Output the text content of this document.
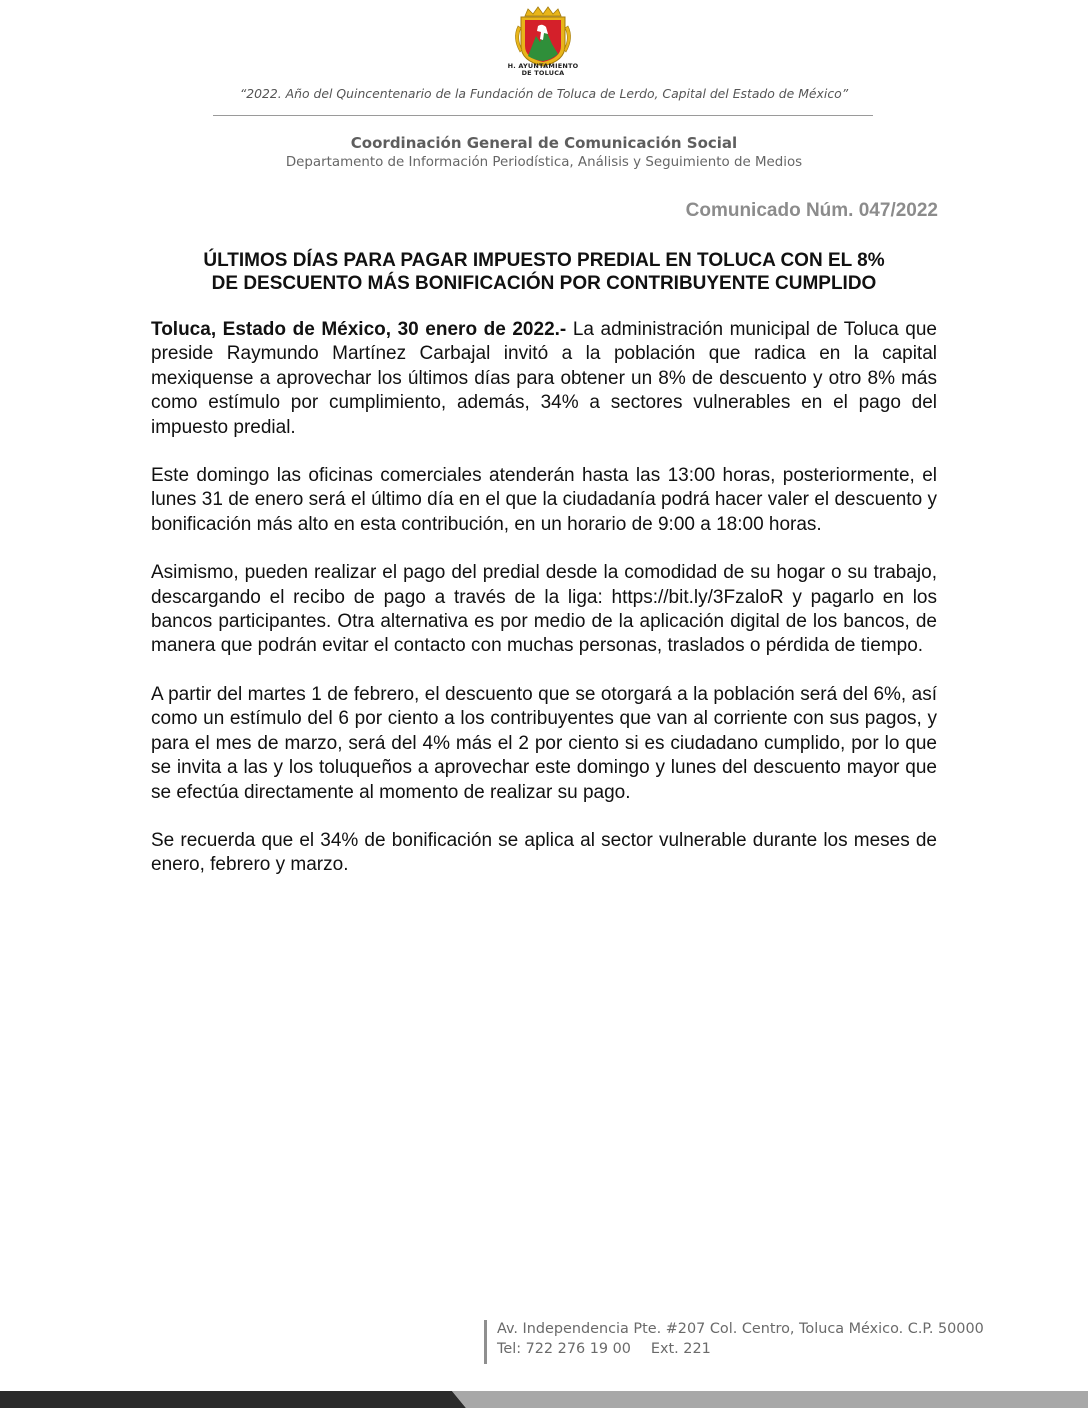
H. AYUNTAMIENTO
DE TOLUCA
“2022. Año del Quincentenario de la Fundación de Toluca de Lerdo, Capital del Estado de México”
Coordinación General de Comunicación Social
Departamento de Información Periodística, Análisis y Seguimiento de Medios
Comunicado Núm. 047/2022
ÚLTIMOS DÍAS PARA PAGAR IMPUESTO PREDIAL EN TOLUCA CON EL 8%
DE DESCUENTO MÁS BONIFICACIÓN POR CONTRIBUYENTE CUMPLIDO

Toluca, Estado de México, 30 enero de 2022.- La administración municipal de Toluca que preside Raymundo Martínez Carbajal invitó a la población que radica en la capital mexiquense a aprovechar los últimos días para obtener un 8% de descuento y otro 8% más como estímulo por cumplimiento, además, 34% a sectores vulnerables en el pago del impuesto predial.

Este domingo las oficinas comerciales atenderán hasta las 13:00 horas, posteriormente, el lunes 31 de enero será el último día en el que la ciudadanía podrá hacer valer el descuento y bonificación más alto en esta contribución, en un horario de 9:00 a 18:00 horas.

Asimismo, pueden realizar el pago del predial desde la comodidad de su hogar o su trabajo, descargando el recibo de pago a través de la liga: https://bit.ly/3FzaloR y pagarlo en los bancos participantes. Otra alternativa es por medio de la aplicación digital de los bancos, de manera que podrán evitar el contacto con muchas personas, traslados o pérdida de tiempo.

A partir del martes 1 de febrero, el descuento que se otorgará a la población será del 6%, así como un estímulo del 6 por ciento a los contribuyentes que van al corriente con sus pagos, y para el mes de marzo, será del 4% más el 2 por ciento si es ciudadano cumplido, por lo que se invita a las y los toluqueños a aprovechar este domingo y lunes del descuento mayor que se efectúa directamente al momento de realizar su pago.

Se recuerda que el 34% de bonificación se aplica al sector vulnerable durante los meses de enero, febrero y marzo.

Av. Independencia Pte. #207 Col. Centro, Toluca México. C.P. 50000
Tel: 722 276 19 00 Ext. 221
